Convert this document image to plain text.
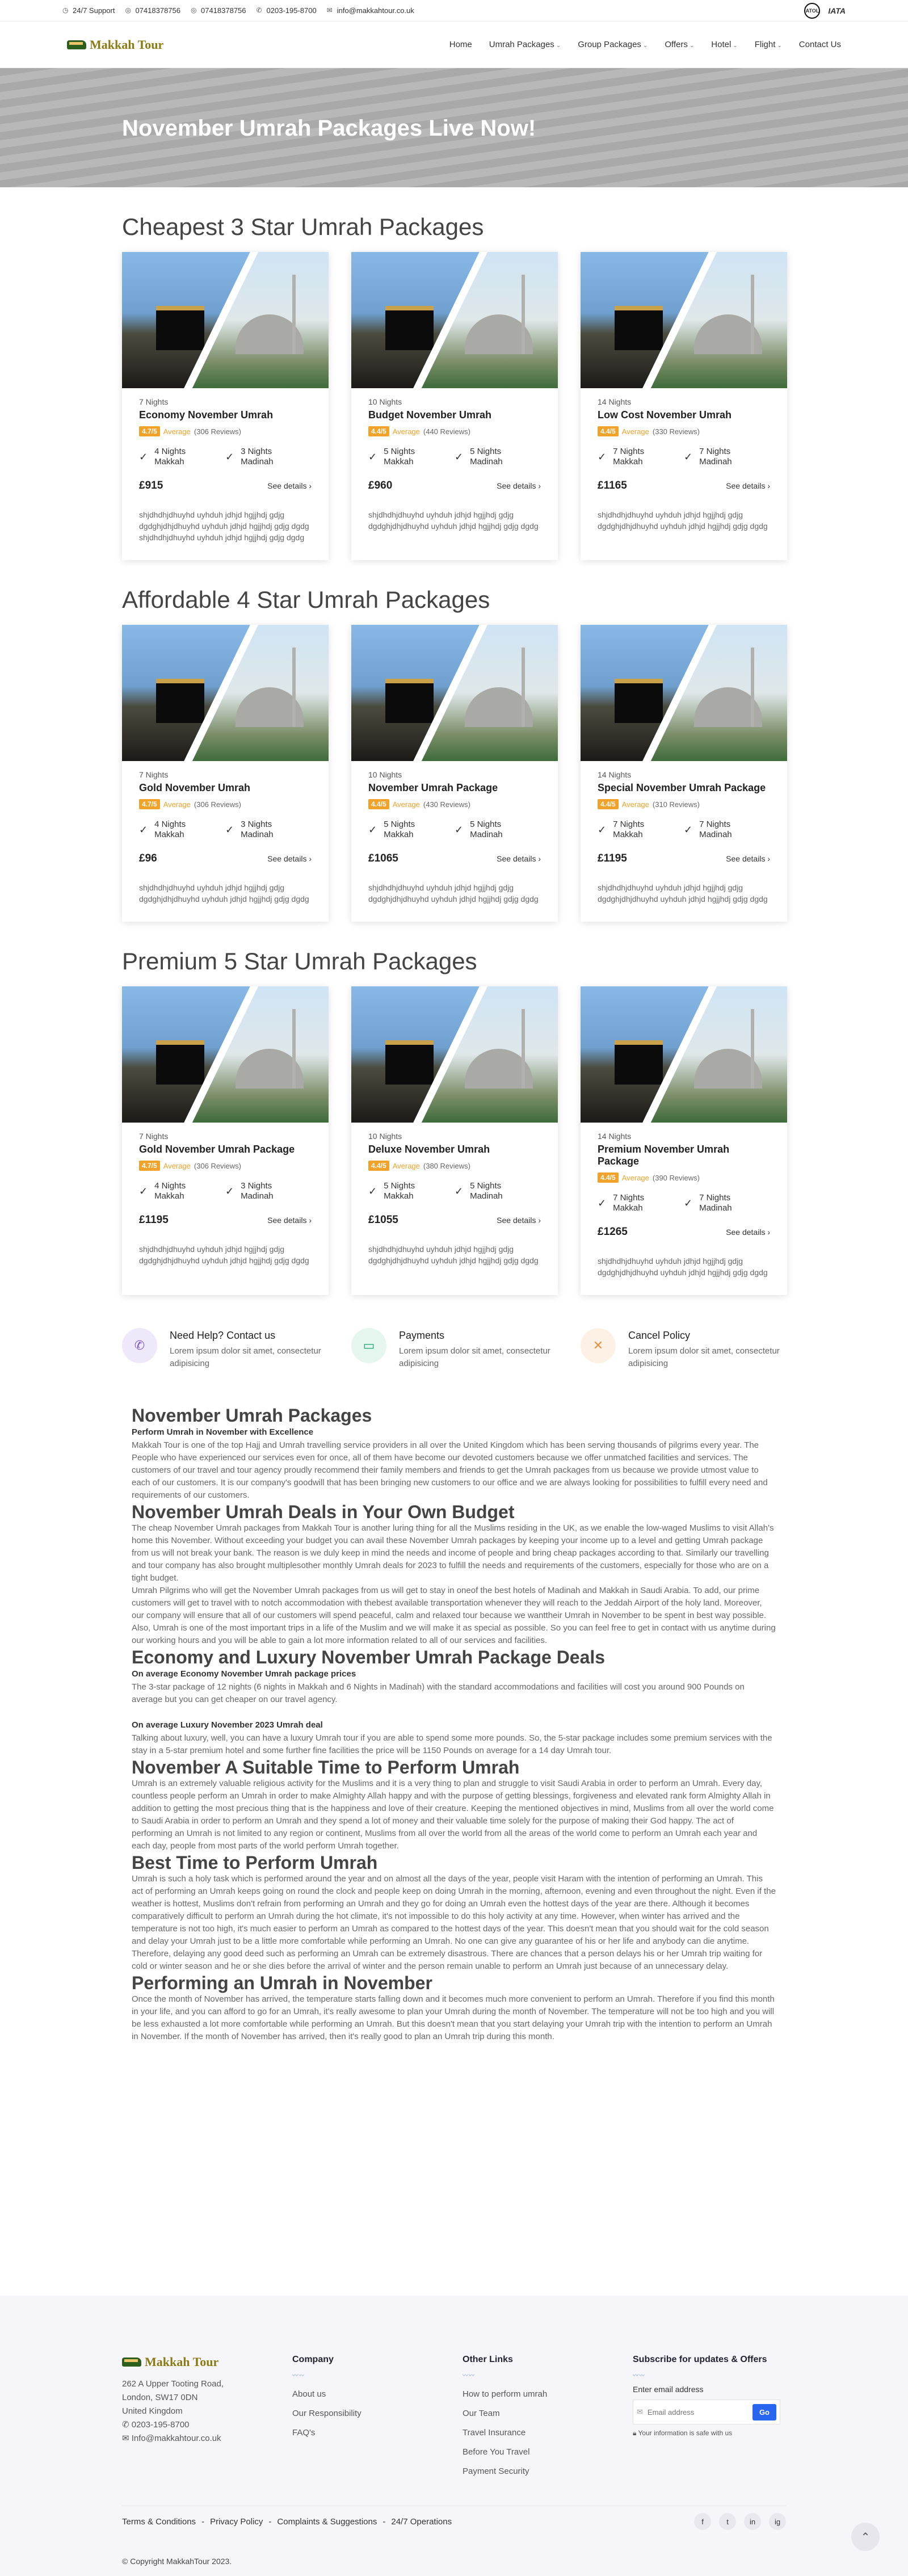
◷ 24/7 Support ◎ 07418378756 ◎ 07418378756 ✆ 0203-195-8700 ✉ info@makkahtour.co.uk	ATOL IATA
Makkah Tour	Home Umrah Packages ⌄ Group Packages ⌄ Offers ⌄ Hotel ⌄ Flight ⌄ Contact Us
November Umrah Packages Live Now!
Cheapest 3 Star Umrah Packages
7 Nights
Economy November Umrah
4.7/5 Average (306 Reviews)
✓ 4 Nights
Makkah	✓ 3 Nights
Madinah
£915	See details ›
shjdhdhjdhuyhd uyhduh jdhjd hgjjhdj gdjg dgdghjdhjdhuyhd uyhduh jdhjd hgjjhdj gdjg dgdg shjdhdhjdhuyhd uyhduh jdhjd hgjjhdj gdjg dgdg
10 Nights
Budget November Umrah
4.4/5 Average (440 Reviews)
✓ 5 Nights
Makkah	✓ 5 Nights
Madinah
£960	See details ›
shjdhdhjdhuyhd uyhduh jdhjd hgjjhdj gdjg dgdghjdhjdhuyhd uyhduh jdhjd hgjjhdj gdjg dgdg
14 Nights
Low Cost November Umrah
4.4/5 Average (330 Reviews)
✓ 7 Nights
Makkah	✓ 7 Nights
Madinah
£1165	See details ›
shjdhdhjdhuyhd uyhduh jdhjd hgjjhdj gdjg dgdghjdhjdhuyhd uyhduh jdhjd hgjjhdj gdjg dgdg
Affordable 4 Star Umrah Packages
7 Nights
Gold November Umrah
4.7/5 Average (306 Reviews)
✓ 4 Nights
Makkah	✓ 3 Nights
Madinah
£96	See details ›
shjdhdhjdhuyhd uyhduh jdhjd hgjjhdj gdjg dgdghjdhjdhuyhd uyhduh jdhjd hgjjhdj gdjg dgdg
10 Nights
November Umrah Package
4.4/5 Average (430 Reviews)
✓ 5 Nights
Makkah	✓ 5 Nights
Madinah
£1065	See details ›
shjdhdhjdhuyhd uyhduh jdhjd hgjjhdj gdjg dgdghjdhjdhuyhd uyhduh jdhjd hgjjhdj gdjg dgdg
14 Nights
Special November Umrah Package
4.4/5 Average (310 Reviews)
✓ 7 Nights
Makkah	✓ 7 Nights
Madinah
£1195	See details ›
shjdhdhjdhuyhd uyhduh jdhjd hgjjhdj gdjg dgdghjdhjdhuyhd uyhduh jdhjd hgjjhdj gdjg dgdg
Premium 5 Star Umrah Packages
7 Nights
Gold November Umrah Package
4.7/5 Average (306 Reviews)
✓ 4 Nights
Makkah	✓ 3 Nights
Madinah
£1195	See details ›
shjdhdhjdhuyhd uyhduh jdhjd hgjjhdj gdjg dgdghjdhjdhuyhd uyhduh jdhjd hgjjhdj gdjg dgdg
10 Nights
Deluxe November Umrah
4.4/5 Average (380 Reviews)
✓ 5 Nights
Makkah	✓ 5 Nights
Madinah
£1055	See details ›
shjdhdhjdhuyhd uyhduh jdhjd hgjjhdj gdjg dgdghjdhjdhuyhd uyhduh jdhjd hgjjhdj gdjg dgdg
14 Nights
Premium November Umrah Package
4.4/5 Average (390 Reviews)
✓ 7 Nights
Makkah	✓ 7 Nights
Madinah
£1265	See details ›
shjdhdhjdhuyhd uyhduh jdhjd hgjjhdj gdjg dgdghjdhjdhuyhd uyhduh jdhjd hgjjhdj gdjg dgdg
✆
Need Help? Contact us
Lorem ipsum dolor sit amet, consectetur adipisicing
▭
Payments
Lorem ipsum dolor sit amet, consectetur adipisicing
✕
Cancel Policy
Lorem ipsum dolor sit amet, consectetur adipisicing
November Umrah Packages
Perform Umrah in November with Excellence

Makkah Tour is one of the top Hajj and Umrah travelling service providers in all over the United Kingdom which has been serving thousands of pilgrims every year. The People who have experienced our services even for once, all of them have become our devoted customers because we offer unmatched facilities and services. The customers of our travel and tour agency proudly recommend their family members and friends to get the Umrah packages from us because we provide utmost value to each of our customers. It is our company's goodwill that has been bringing new customers to our office and we are always looking for possibilities to fulfill every need and requirements of our customers.

November Umrah Deals in Your Own Budget

The cheap November Umrah packages from Makkah Tour is another luring thing for all the Muslims residing in the UK, as we enable the low-waged Muslims to visit Allah's home this November. Without exceeding your budget you can avail these November Umrah packages by keeping your income up to a level and getting Umrah package from us will not break your bank. The reason is we duly keep in mind the needs and income of people and bring cheap packages according to that. Similarly our travelling and tour company has also brought multiplesother monthly Umrah deals for 2023 to fulfill the needs and requirements of the customers, especially for those who are on a tight budget.

Umrah Pilgrims who will get the November Umrah packages from us will get to stay in oneof the best hotels of Madinah and Makkah in Saudi Arabia. To add, our prime customers will get to travel with to notch accommodation with thebest available transportation whenever they will reach to the Jeddah Airport of the holy land. Moreover, our company will ensure that all of our customers will spend peaceful, calm and relaxed tour because we wanttheir Umrah in November to be spent in best way possible. Also, Umrah is one of the most important trips in a life of the Muslim and we will make it as special as possible. So you can feel free to get in contact with us anytime during our working hours and you will be able to gain a lot more information related to all of our services and facilities.

Economy and Luxury November Umrah Package Deals
On average Economy November Umrah package prices

The 3-star package of 12 nights (6 nights in Makkah and 6 Nights in Madinah) with the standard accommodations and facilities will cost you around 900 Pounds on average but you can get cheaper on our travel agency.

On average Luxury November 2023 Umrah deal

Talking about luxury, well, you can have a luxury Umrah tour if you are able to spend some more pounds. So, the 5-star package includes some premium services with the stay in a 5-star premium hotel and some further fine facilities the price will be 1150 Pounds on average for a 14 day Umrah tour.

November A Suitable Time to Perform Umrah

Umrah is an extremely valuable religious activity for the Muslims and it is a very thing to plan and struggle to visit Saudi Arabia in order to perform an Umrah. Every day, countless people perform an Umrah in order to make Almighty Allah happy and with the purpose of getting blessings, forgiveness and elevated rank form Almighty Allah in addition to getting the most precious thing that is the happiness and love of their creature. Keeping the mentioned objectives in mind, Muslims from all over the world come to Saudi Arabia in order to perform an Umrah and they spend a lot of money and their valuable time solely for the purpose of making their God happy. The act of performing an Umrah is not limited to any region or continent, Muslims from all over the world from all the areas of the world come to perform an Umrah each year and each day, people from most parts of the world perform Umrah together.

Best Time to Perform Umrah

Umrah is such a holy task which is performed around the year and on almost all the days of the year, people visit Haram with the intention of performing an Umrah. This act of performing an Umrah keeps going on round the clock and people keep on doing Umrah in the morning, afternoon, evening and even throughout the night. Even if the weather is hottest, Muslims don't refrain from performing an Umrah and they go for doing an Umrah even the hottest days of the year are there. Although it becomes comparatively difficult to perform an Umrah during the hot climate, it's not impossible to do this holy activity at any time. However, when winter has arrived and the temperature is not too high, it's much easier to perform an Umrah as compared to the hottest days of the year. This doesn't mean that you should wait for the cold season and delay your Umrah just to be a little more comfortable while performing an Umrah. No one can give any guarantee of his or her life and anybody can die anytime. Therefore, delaying any good deed such as performing an Umrah can be extremely disastrous. There are chances that a person delays his or her Umrah trip waiting for cold or winter season and he or she dies before the arrival of winter and the person remain unable to perform an Umrah just because of an unnecessary delay.

Performing an Umrah in November

Once the month of November has arrived, the temperature starts falling down and it becomes much more convenient to perform an Umrah. Therefore if you find this month in your life, and you can afford to go for an Umrah, it's really awesome to plan your Umrah during the month of November. The temperature will not be too high and you will be less exhausted a lot more comfortable while performing an Umrah. But this doesn't mean that you start delaying your Umrah trip with the intention to perform an Umrah in November. If the month of November has arrived, then it's really good to plan an Umrah trip during this month.

Makkah Tour
262 A Upper Tooting Road,
London, SW17 0DN
United Kingdom
✆ 0203-195-8700
✉ Info@makkahtour.co.uk
Company
〰〰
About us
Our Responsibility
FAQ's
Other Links
〰〰
How to perform umrah
Our Team
Travel Insurance
Before You Travel
Payment Security
Subscribe for updates & Offers
〰〰
Enter email address
✉
Email address	Go
🔒︎ Your information is safe with us
Terms & Conditions - Privacy Policy - Complaints & Suggestions - 24/7 Operations	f	t	in	ig
© Copyright MakkahTour 2023.
⌃
